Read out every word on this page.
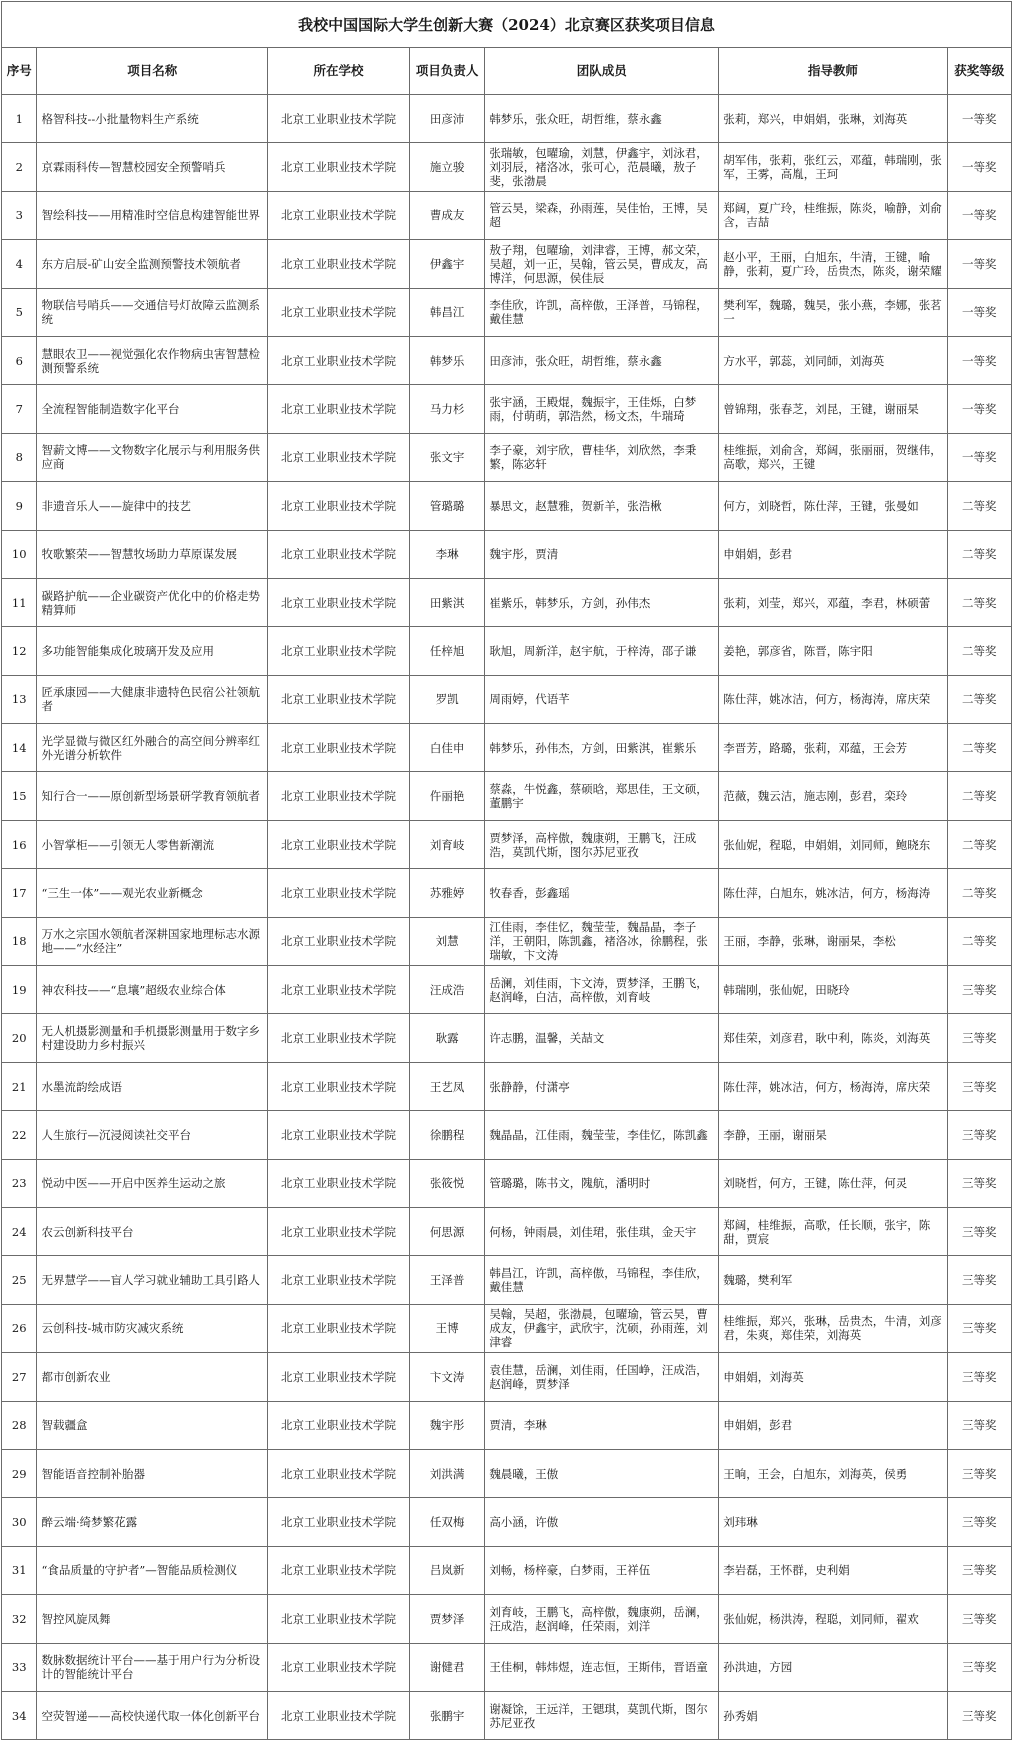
我校中国国际大学生创新大赛（2024）北京赛区获奖项目信息						
序号	项目名称	所在学校	项目负责人	团队成员	指导教师	获奖等级
1	格智科技--小批量物料生产系统	北京工业职业技术学院	田彦沛	韩梦乐，张众旺，胡哲维，蔡永鑫	张莉，郑兴，申娟娟，张琳，刘海英	一等奖
2	京霖雨科传—智慧校园安全预警哨兵	北京工业职业技术学院	施立骏	张瑞敏，包曜瑜，刘慧，伊鑫宇，刘泳君，刘羽辰，褚洛冰，张可心，范晨曦，敖子斐，张渤晨	胡军伟，张莉，张红云，邓蕴，韩瑞刚，张军，王雾，高胤，王珂	一等奖
3	智绘科技——用精准时空信息构建智能世界	北京工业职业技术学院	曹成友	管云昊，梁森，孙雨莲，吴佳怡，王博，吴超	郑阔，夏广玲，桂维振，陈炎，喻静，刘俞含，吉喆	一等奖
4	东方启辰-矿山安全监测预警技术领航者	北京工业职业技术学院	伊鑫宇	敖子翔，包曜瑜，刘津睿，王博，郝文荣，吴超，刘一正，吴翰，管云昊，曹成友，高博洋，何思源，侯佳辰	赵小平，王丽，白旭东，牛清，王键，喻静，张莉，夏广玲，岳贵杰，陈炎，谢荣耀	一等奖
5	物联信号哨兵——交通信号灯故障云监测系统	北京工业职业技术学院	韩昌江	李佳欣，许凯，高梓傲，王泽普，马锦程，戴佳慧	樊利军，魏璐，魏昊，张小燕，李娜，张茗一	一等奖
6	慧眼农卫——视觉强化农作物病虫害智慧检测预警系统	北京工业职业技术学院	韩梦乐	田彦沛，张众旺，胡哲维，蔡永鑫	方水平，郭蕊，刘同師，刘海英	一等奖
7	全流程智能制造数字化平台	北京工业职业技术学院	马力杉	张宇涵，王殿焜，魏振宇，王佳烁，白梦雨，付萌萌，郭浩然，杨文杰，牛瑞琦	曾锦翔，张春芝，刘昆，王键，谢丽杲	一等奖
8	智薪文博——文物数字化展示与利用服务供应商	北京工业职业技术学院	张文宇	李子豪，刘宇欣，曹桂华，刘欣然，李秉繁，陈宓轩	桂维振，刘俞含，郑阔，张丽丽，贺继伟，高歌，郑兴，王键	一等奖
9	非遗音乐人——旋律中的技艺	北京工业职业技术学院	管璐璐	暴思文，赵慧雅，贺新羊，张浩楸	何方，刘晓哲，陈仕萍，王键，张曼如	二等奖
10	牧歌繁荣——智慧牧场助力草原谋发展	北京工业职业技术学院	李琳	魏宇彤，贾清	申娟娟，彭君	二等奖
11	碳路护航——企业碳资产优化中的价格走势精算师	北京工业职业技术学院	田紫淇	崔紫乐，韩梦乐，方剑，孙伟杰	张莉，刘莹，郑兴，邓蕴，李君，林硕蕾	二等奖
12	多功能智能集成化玻璃开发及应用	北京工业职业技术学院	任梓旭	耿旭，周新洋，赵宇航，于梓涛，邵子谦	姜艳，郭彦省，陈晋，陈宇阳	二等奖
13	匠承康园——大健康非遗特色民宿公社领航者	北京工业职业技术学院	罗凯	周雨婷，代语芊	陈仕萍，姚冰洁，何方，杨海涛，席庆荣	二等奖
14	光学显微与微区红外融合的高空间分辨率红外光谱分析软件	北京工业职业技术学院	白佳申	韩梦乐，孙伟杰，方剑，田紫淇，崔紫乐	李晋芳，路璐，张莉，邓蕴，王会芳	二等奖
15	知行合一——原创新型场景研学教育领航者	北京工业职业技术学院	仵丽艳	蔡淼，牛悦鑫，蔡硕晗，郑思佳，王文硕，董鹏宇	范薇，魏云洁，施志刚，彭君，栾玲	二等奖
16	小智掌柜——引领无人零售新潮流	北京工业职业技术学院	刘育岐	贾梦泽，高梓傲，魏康朔，王鹏飞，汪成浩，莫凯代斯，图尔苏尼亚孜	张仙妮，程聪，申娟娟，刘同师，鲍晓东	二等奖
17	“三生一体”——观光农业新概念	北京工业职业技术学院	苏雅婷	牧春香，彭鑫瑶	陈仕萍，白旭东，姚冰洁，何方，杨海涛	二等奖
18	万水之宗国水领航者深耕国家地理标志水源地——“水经注”	北京工业职业技术学院	刘慧	江佳雨，李佳忆，魏莹莹，魏晶晶，李子洋，王朝阳，陈凯鑫，褚洛冰，徐鹏程，张瑞敏，卞文涛	王丽，李静，张琳，谢丽杲，李松	二等奖
19	神农科技——“息壤”超级农业综合体	北京工业职业技术学院	汪成浩	岳澜，刘佳雨，卞文涛，贾梦泽，王鹏飞，赵润峰，白洁，高梓傲，刘育岐	韩瑞刚，张仙妮，田晓玲	三等奖
20	无人机摄影测量和手机摄影测量用于数字乡村建设助力乡村振兴	北京工业职业技术学院	耿露	许志鹏，温馨，关喆文	郑佳荣，刘彦君，耿中利，陈炎，刘海英	三等奖
21	水墨流韵绘成语	北京工业职业技术学院	王艺凤	张静静，付潇亭	陈仕萍，姚冰洁，何方，杨海涛，席庆荣	三等奖
22	人生旅行—沉浸阅读社交平台	北京工业职业技术学院	徐鹏程	魏晶晶，江佳雨，魏莹莹，李佳忆，陈凯鑫	李静，王丽，谢丽杲	三等奖
23	悦动中医——开启中医养生运动之旅	北京工业职业技术学院	张筱悦	管璐璐，陈书文，隗航，潘明时	刘晓哲，何方，王键，陈仕萍，何灵	三等奖
24	农云创新科技平台	北京工业职业技术学院	何思源	何杨，钟雨晨，刘佳珺，张佳琪，金天宇	郑阔，桂维振，高歌，任长顺，张宇，陈甜，贾宸	三等奖
25	无界慧学——盲人学习就业辅助工具引路人	北京工业职业技术学院	王泽普	韩昌江，许凯，高梓傲，马锦程，李佳欣，戴佳慧	魏璐，樊利军	三等奖
26	云创科技-城市防灾减灾系统	北京工业职业技术学院	王博	吴翰，吴超，张渤晨，包曜瑜，管云昊，曹成友，伊鑫宇，武欣宇，沈硕，孙雨莲，刘津睿	桂维振，郑兴，张琳，岳贵杰，牛清，刘彦君，朱爽，郑佳荣，刘海英	三等奖
27	都市创新农业	北京工业职业技术学院	卞文涛	袁佳慧，岳澜，刘佳雨，任国峥，汪成浩，赵润峰，贾梦泽	申娟娟，刘海英	三等奖
28	智载疆盒	北京工业职业技术学院	魏宇彤	贾清，李琳	申娟娟，彭君	三等奖
29	智能语音控制补胎器	北京工业职业技术学院	刘洪满	魏晨曦，王傲	王晌，王会，白旭东，刘海英，侯勇	三等奖
30	醉云端·绮梦繁花露	北京工业职业技术学院	任双梅	高小涵，许傲	刘玮琳	三等奖
31	“食品质量的守护者”—智能品质检测仪	北京工业职业技术学院	吕岚新	刘畅，杨梓豪，白梦雨，王祥伍	李岩磊，王怀群，史利娟	三等奖
32	智控风旋凤舞	北京工业职业技术学院	贾梦泽	刘育岐，王鹏飞，高梓傲，魏康朔，岳澜，汪成浩，赵润峰，任荣雨，刘洋	张仙妮，杨洪涛，程聪，刘同师，翟欢	三等奖
33	数脉数据统计平台——基于用户行为分析设计的智能统计平台	北京工业职业技术学院	谢健君	王佳桐，韩炜煜，连志恒，王斯伟，晋语童	孙洪迪，方园	三等奖
34	空荧智递——高校快递代取一体化创新平台	北京工业职业技术学院	张鹏宇	谢凝馀，王远洋，王锶琪，莫凯代斯，图尔苏尼亚孜	孙秀娟	三等奖
